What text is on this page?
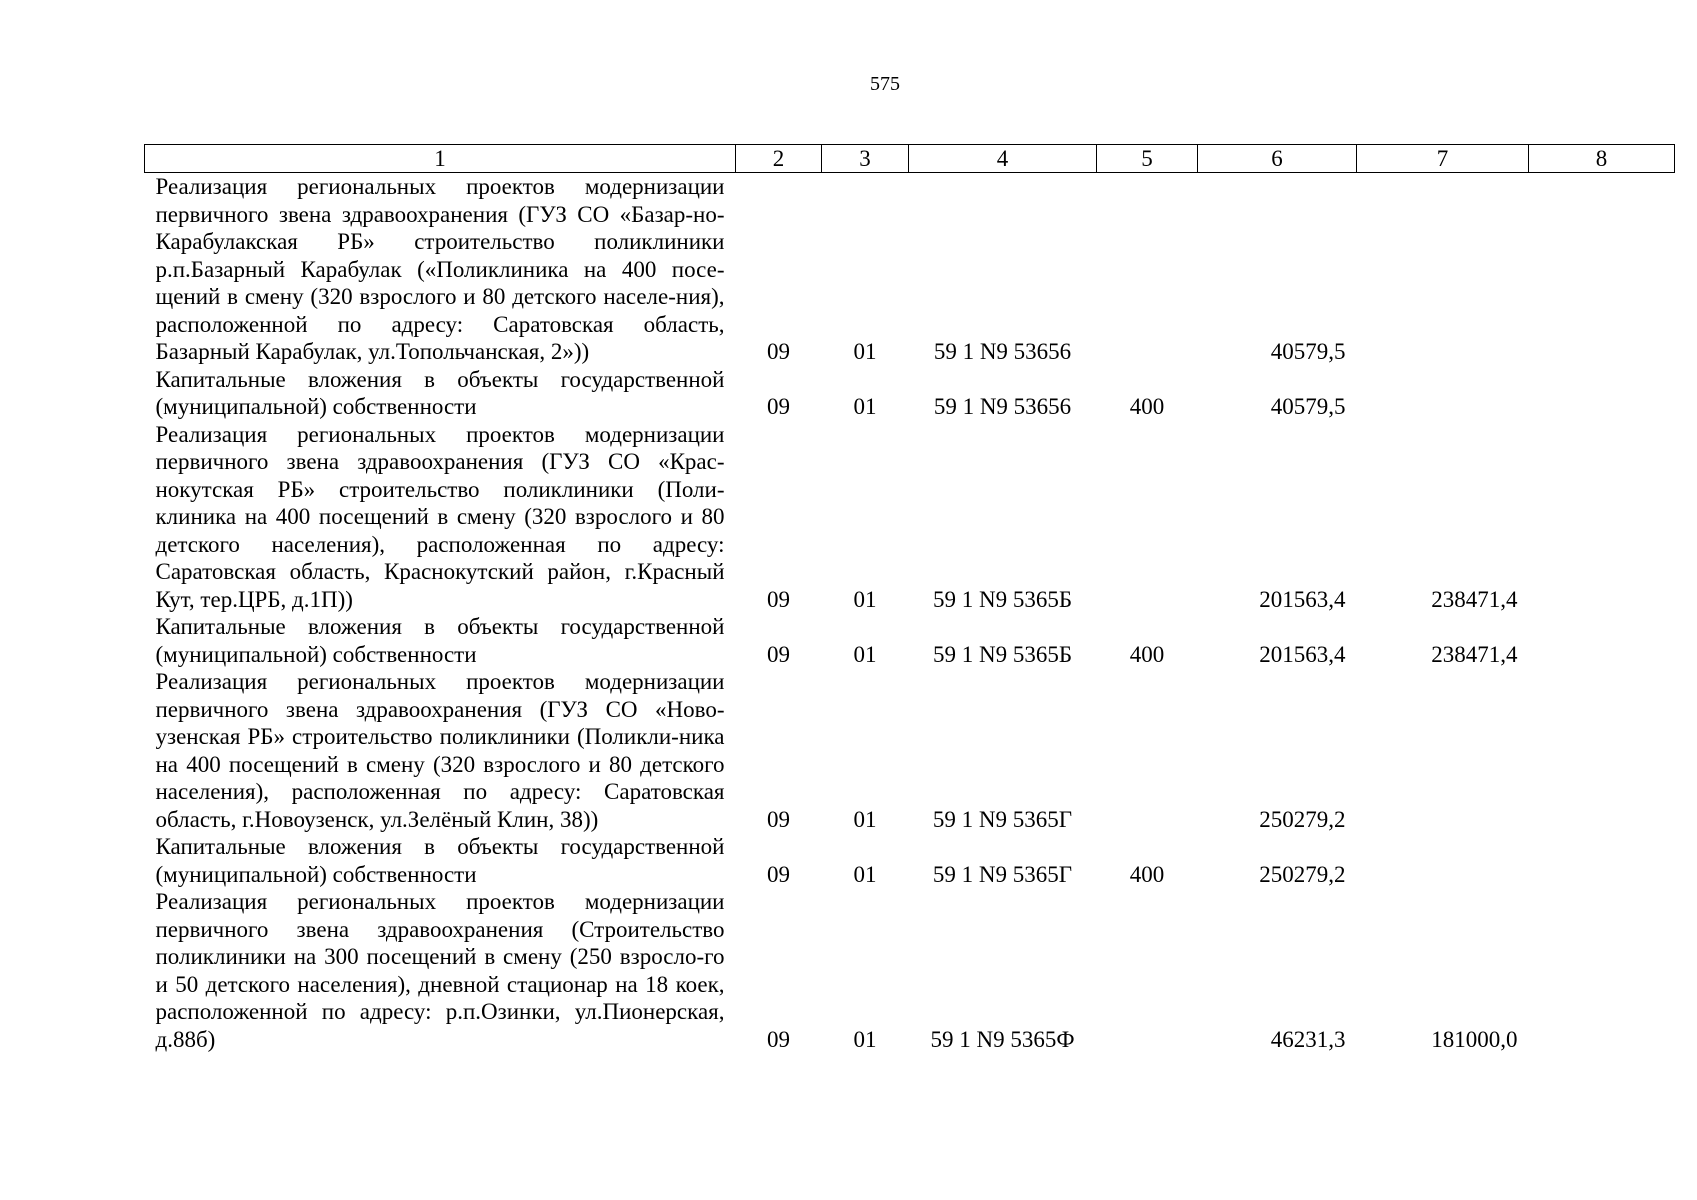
575
1	2	3	4	5	6	7	8
Реализация региональных проектов модернизации первичного звена здравоохранения (ГУЗ СО «Базар-но-Карабулакская РБ» строительство поликлиники р.п.Базарный Карабулак («Поликлиника на 400 посе-щений в смену (320 взрослого и 80 детского населе-ния), расположенной по адресу: Саратовская область, Базарный Карабулак, ул.Топольчанская, 2»))	09	01	59 1 N9 53656		40579,5		
Капитальные вложения в объекты государственной (муниципальной) собственности	09	01	59 1 N9 53656	400	40579,5		
Реализация региональных проектов модернизации первичного звена здравоохранения (ГУЗ СО «Крас-нокутская РБ» строительство поликлиники (Поли-клиника на 400 посещений в смену (320 взрослого и 80 детского населения), расположенная по адресу: Саратовская область, Краснокутский район, г.Красный Кут, тер.ЦРБ, д.1П))	09	01	59 1 N9 5365Б		201563,4	238471,4	
Капитальные вложения в объекты государственной (муниципальной) собственности	09	01	59 1 N9 5365Б	400	201563,4	238471,4	
Реализация региональных проектов модернизации первичного звена здравоохранения (ГУЗ СО «Ново-узенская РБ» строительство поликлиники (Поликли-ника на 400 посещений в смену (320 взрослого и 80 детского населения), расположенная по адресу: Саратовская область, г.Новоузенск, ул.Зелёный Клин, 38))	09	01	59 1 N9 5365Г		250279,2		
Капитальные вложения в объекты государственной (муниципальной) собственности	09	01	59 1 N9 5365Г	400	250279,2		
Реализация региональных проектов модернизации первичного звена здравоохранения (Строительство поликлиники на 300 посещений в смену (250 взросло-го и 50 детского населения), дневной стационар на 18 коек, расположенной по адресу: р.п.Озинки, ул.Пионерская, д.88б)	09	01	59 1 N9 5365Ф		46231,3	181000,0	
